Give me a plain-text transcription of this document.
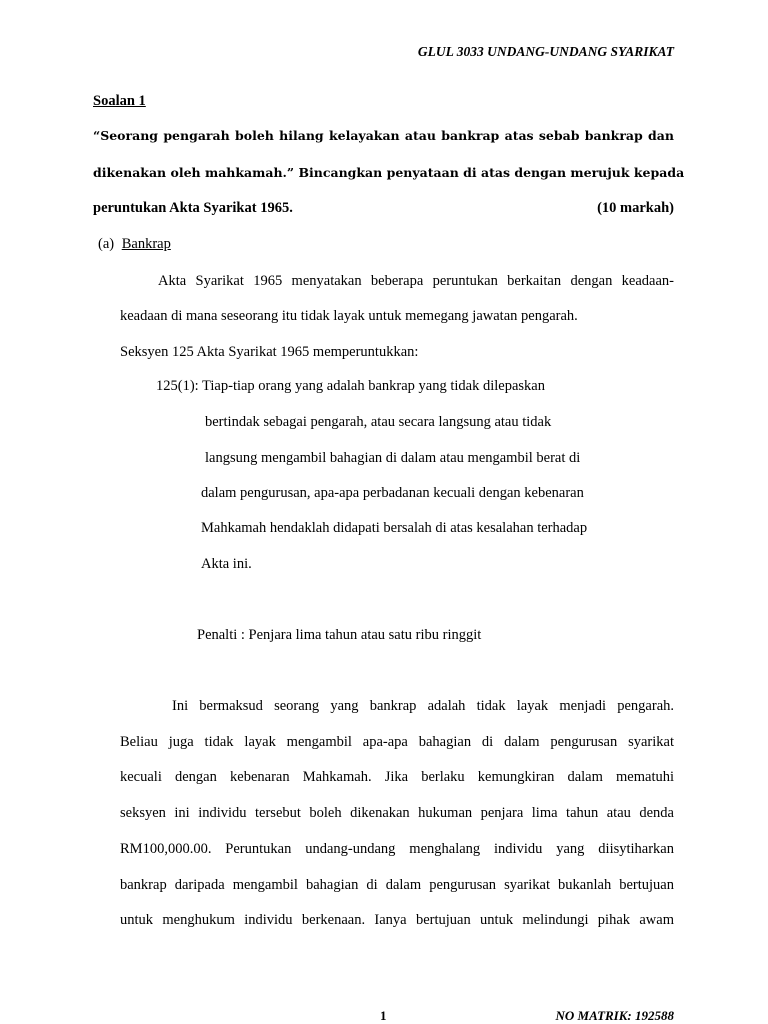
GLUL 3033 UNDANG-UNDANG SYARIKAT
Soalan 1
“Seorang pengarah boleh hilang kelayakan atau bankrap atas sebab bankrap dan
dikenakan oleh mahkamah.” Bincangkan penyataan di atas dengan merujuk kepada
peruntukan Akta Syarikat 1965.	(10 markah)
(a) Bankrap
Akta Syarikat 1965 menyatakan beberapa peruntukan berkaitan dengan keadaan-
keadaan di mana seseorang itu tidak layak untuk memegang jawatan pengarah.
Seksyen 125 Akta Syarikat 1965 memperuntukkan:
125(1): Tiap-tiap orang yang adalah bankrap yang tidak dilepaskan
bertindak sebagai pengarah, atau secara langsung atau tidak
langsung mengambil bahagian di dalam atau mengambil berat di
dalam pengurusan, apa-apa perbadanan kecuali dengan kebenaran
Mahkamah hendaklah didapati bersalah di atas kesalahan terhadap
Akta ini.
Penalti : Penjara lima tahun atau satu ribu ringgit
Ini bermaksud seorang yang bankrap adalah tidak layak menjadi pengarah.
Beliau juga tidak layak mengambil apa-apa bahagian di dalam pengurusan syarikat
kecuali dengan kebenaran Mahkamah. Jika berlaku kemungkiran dalam mematuhi
seksyen ini individu tersebut boleh dikenakan hukuman penjara lima tahun atau denda
RM100,000.00. Peruntukan undang-undang menghalang individu yang diisytiharkan
bankrap daripada mengambil bahagian di dalam pengurusan syarikat bukanlah bertujuan
untuk menghukum individu berkenaan. Ianya bertujuan untuk melindungi pihak awam
1	NO MATRIK: 192588
